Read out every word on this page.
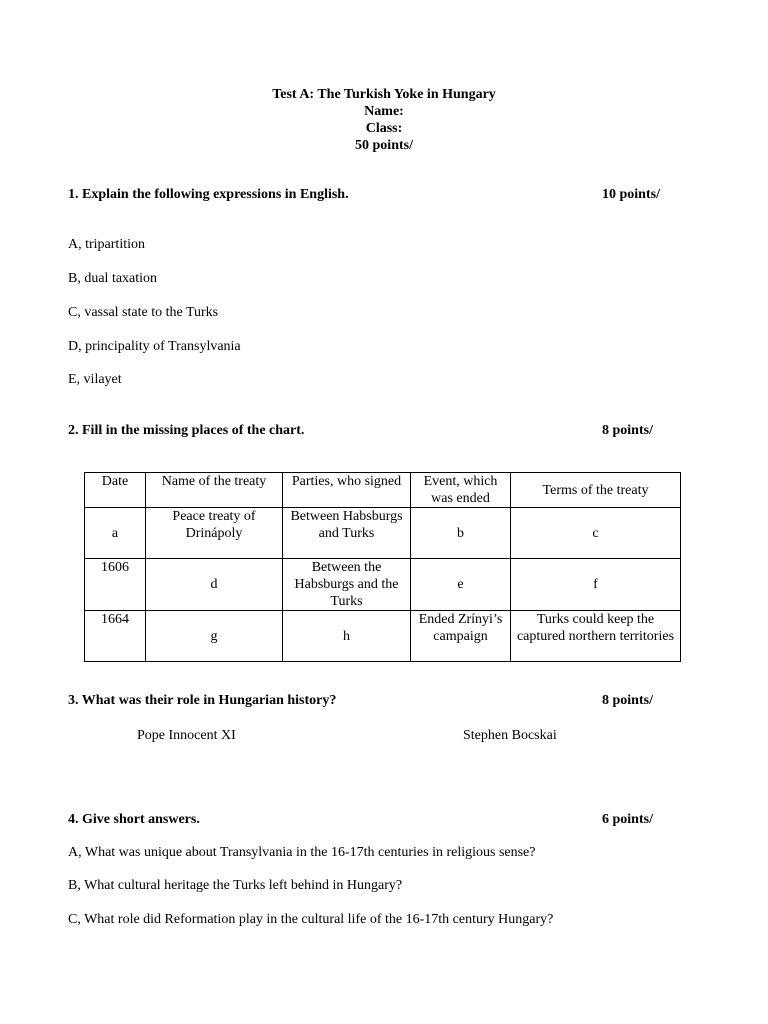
Test A: The Turkish Yoke in Hungary
Name:
Class:
50 points/
1. Explain the following expressions in English.	10 points/
A, tripartition
B, dual taxation
C, vassal state to the Turks
D, principality of Transylvania
E, vilayet
2. Fill in the missing places of the chart.	8 points/
Date	Name of the treaty	Parties, who signed	Event, which was ended	Terms of the treaty
a	Peace treaty of Drinápoly	Between Habsburgs and Turks	b	c
1606	d	Between the Habsburgs and the Turks	e	f
1664	g	h	Ended Zrínyi’s campaign	Turks could keep the captured northern territories
3. What was their role in Hungarian history?	8 points/
Pope Innocent XI	Stephen Bocskai
4. Give short answers.	6 points/
A, What was unique about Transylvania in the 16-17th centuries in religious sense?
B, What cultural heritage the Turks left behind in Hungary?
C, What role did Reformation play in the cultural life of the 16-17th century Hungary?
